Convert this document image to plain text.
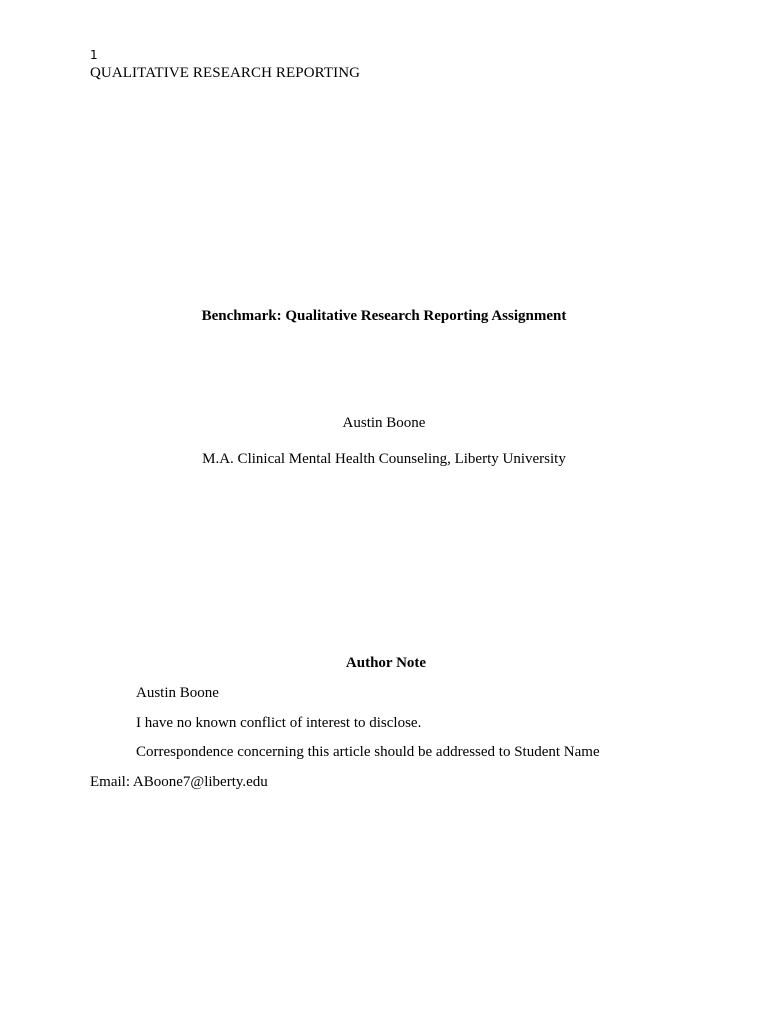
1
QUALITATIVE RESEARCH REPORTING
Benchmark: Qualitative Research Reporting Assignment
Austin Boone
M.A. Clinical Mental Health Counseling, Liberty University
Author Note
Austin Boone
I have no known conflict of interest to disclose.
Correspondence concerning this article should be addressed to Student Name
Email: ABoone7@liberty.edu
